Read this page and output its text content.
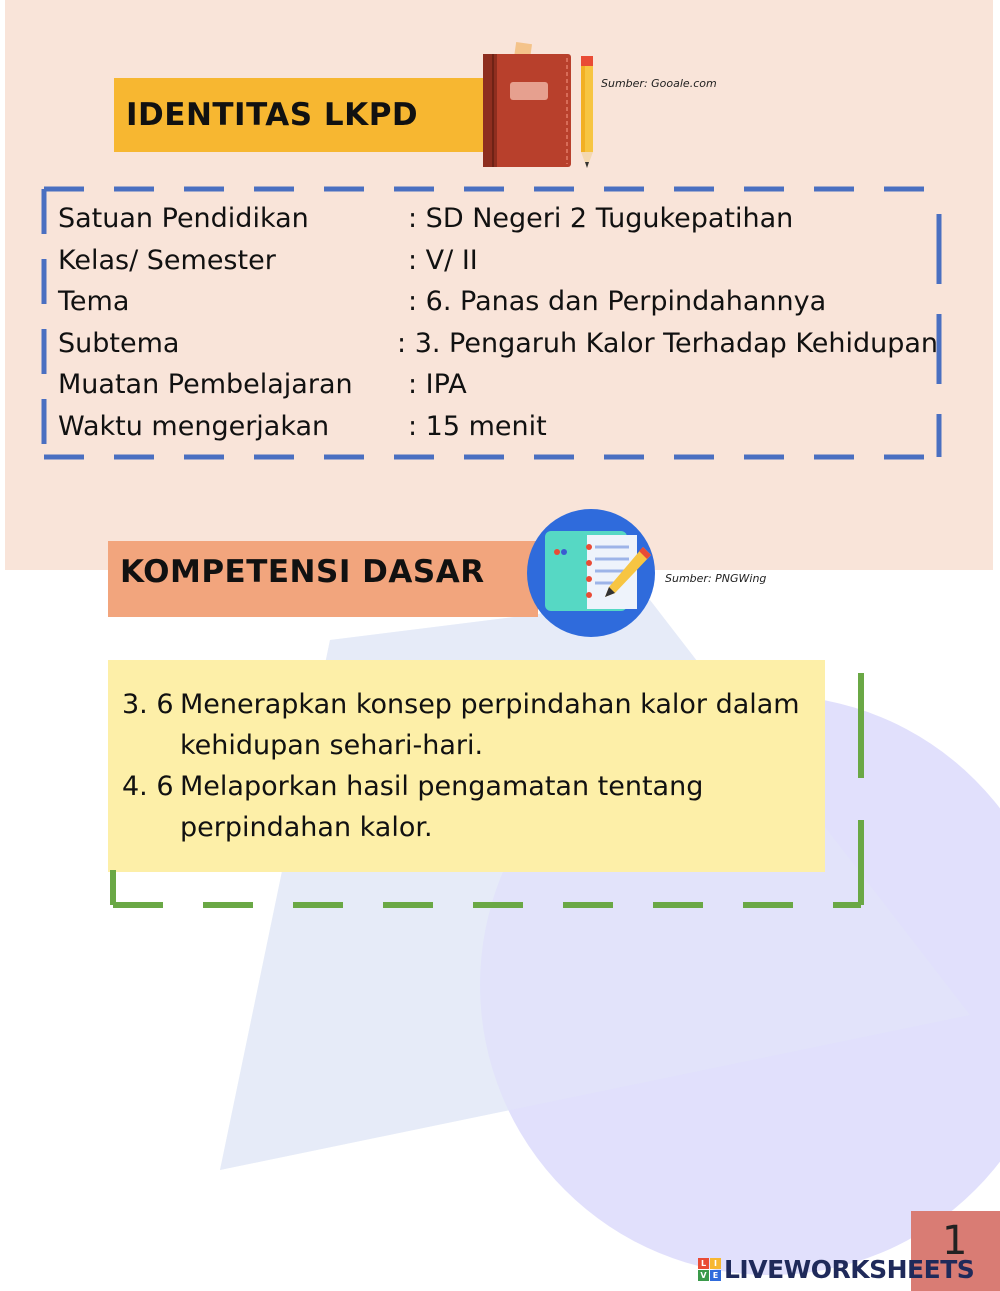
IDENTITAS LKPD
Sumber: Gooale.com
Satuan Pendidikan	: SD Negeri 2 Tugukepatihan
Kelas/ Semester	: V/ II
Tema	: 6. Panas dan Perpindahannya
Subtema	: 3. Pengaruh Kalor Terhadap Kehidupan
Muatan Pembelajaran	: IPA
Waktu mengerjakan	: 15 menit
KOMPETENSI DASAR	Sumber: PNGWing
3. 6 Menerapkan konsep perpindahan kalor dalam kehidupan sehari-hari.
4. 6 Melaporkan hasil pengamatan tentang perpindahan kalor.
1
L I
V E LIVEWORKSHEETS
